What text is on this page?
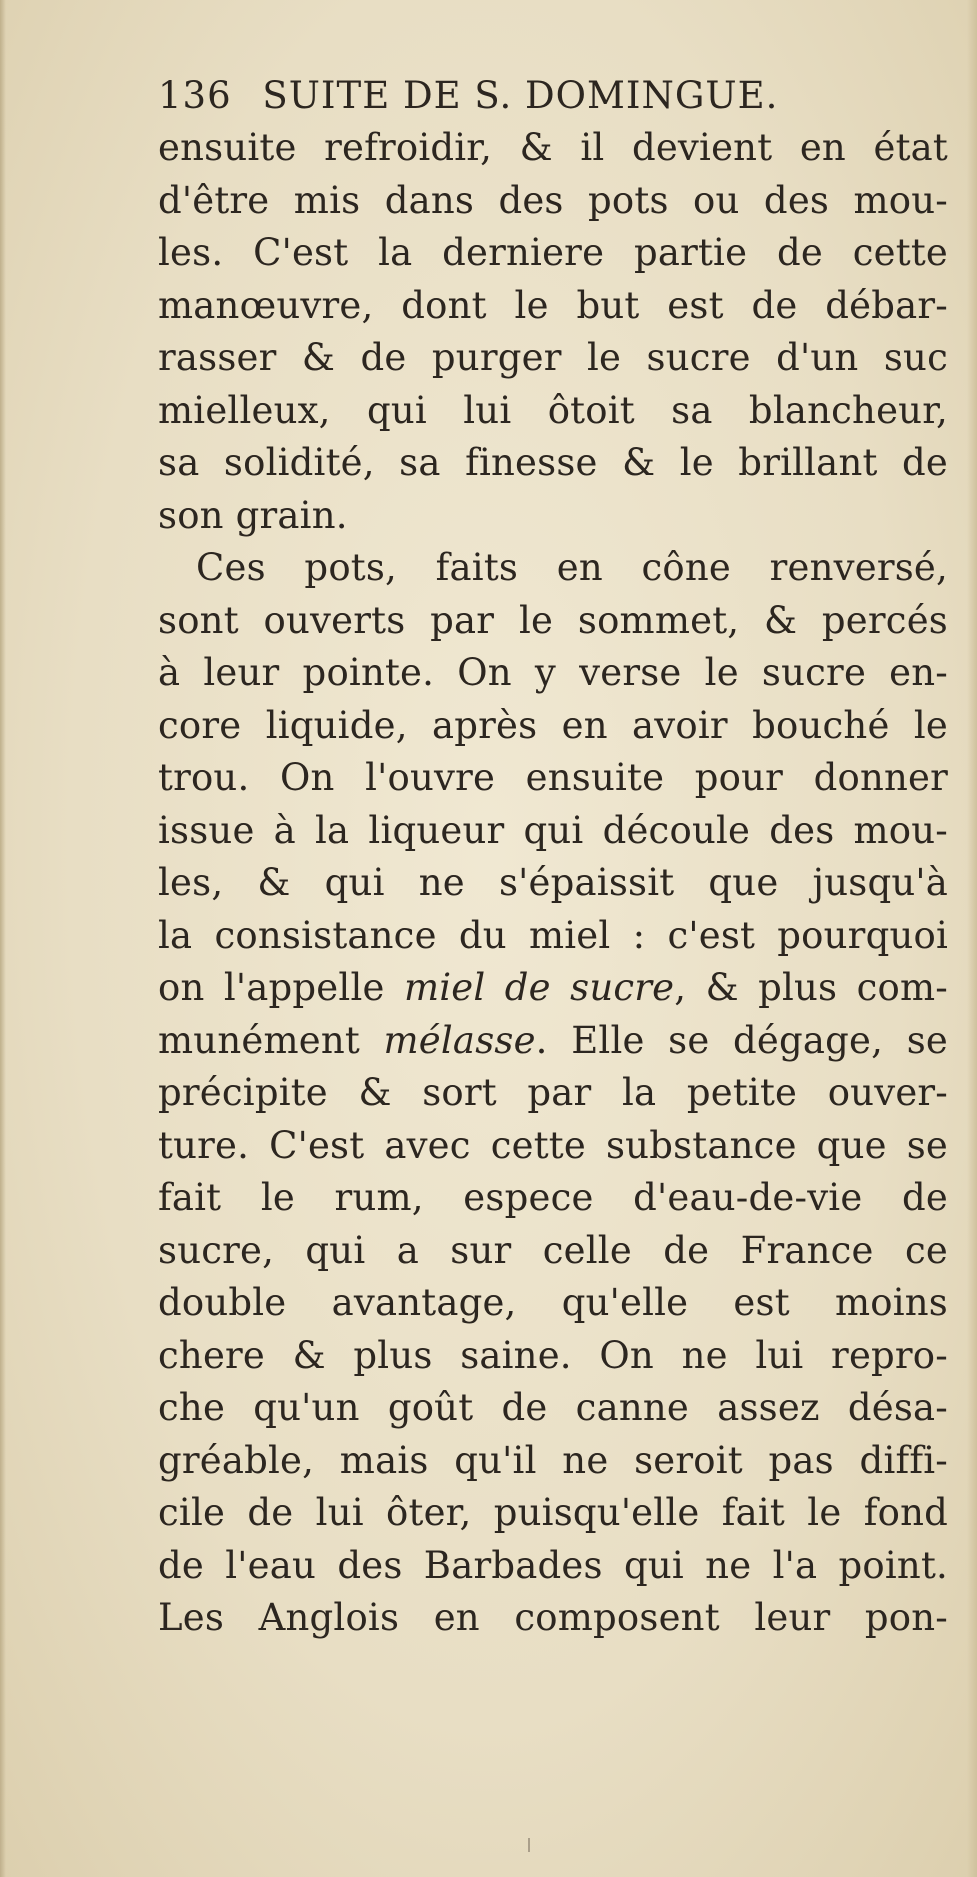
136 SUITE DE S. DOMINGUE.
ensuite refroidir, & il devient en état
d'être mis dans des pots ou des mou-
les. C'est la derniere partie de cette
manœuvre, dont le but est de débar-
rasser & de purger le sucre d'un suc
mielleux, qui lui ôtoit sa blancheur,
sa solidité, sa finesse & le brillant de
son grain.
Ces pots, faits en cône renversé,
sont ouverts par le sommet, & percés
à leur pointe. On y verse le sucre en-
core liquide, après en avoir bouché le
trou. On l'ouvre ensuite pour donner
issue à la liqueur qui découle des mou-
les, & qui ne s'épaissit que jusqu'à
la consistance du miel : c'est pourquoi
on l'appelle miel de sucre, & plus com-
munément mélasse. Elle se dégage, se
précipite & sort par la petite ouver-
ture. C'est avec cette substance que se
fait le rum, espece d'eau-de-vie de
sucre, qui a sur celle de France ce
double avantage, qu'elle est moins
chere & plus saine. On ne lui repro-
che qu'un goût de canne assez désa-
gréable, mais qu'il ne seroit pas diffi-
cile de lui ôter, puisqu'elle fait le fond
de l'eau des Barbades qui ne l'a point.
Les Anglois en composent leur pon-
